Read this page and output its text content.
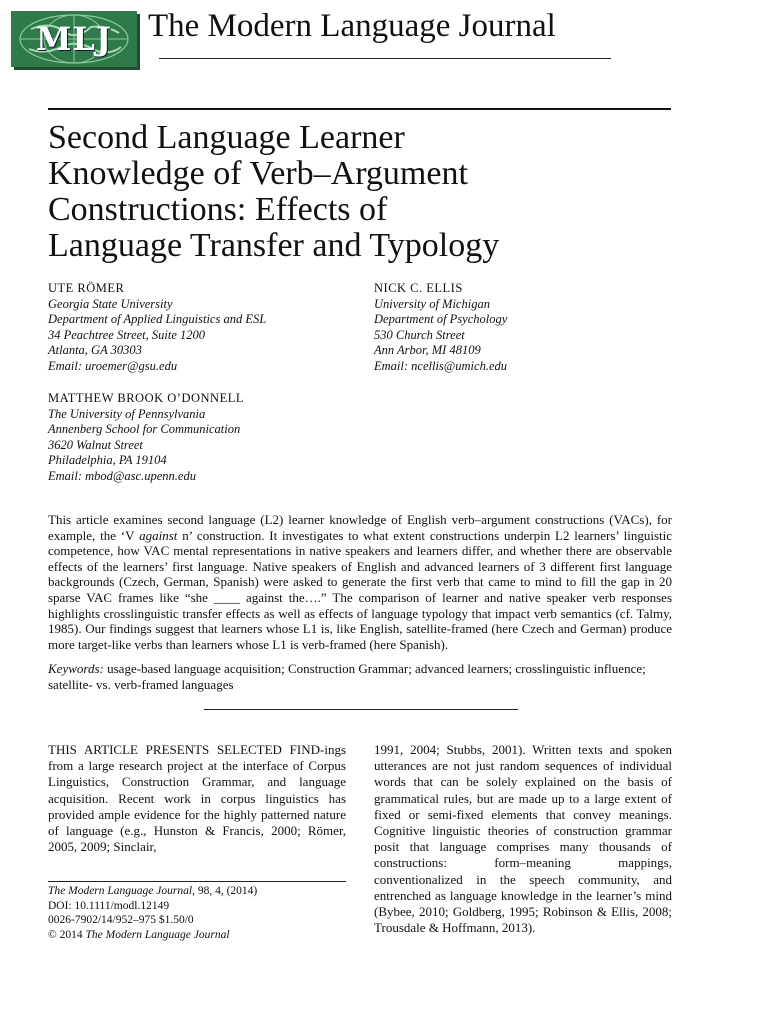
MLJ	The Modern Language Journal
Second Language Learner
Knowledge of Verb–Argument
Constructions: Effects of
Language Transfer and Typology
UTE RÖMER
Georgia State University
Department of Applied Linguistics and ESL
34 Peachtree Street, Suite 1200
Atlanta, GA 30303
Email: uroemer@gsu.edu
NICK C. ELLIS
University of Michigan
Department of Psychology
530 Church Street
Ann Arbor, MI 48109
Email: ncellis@umich.edu
MATTHEW BROOK O’DONNELL
The University of Pennsylvania
Annenberg School for Communication
3620 Walnut Street
Philadelphia, PA 19104
Email: mbod@asc.upenn.edu

This article examines second language (L2) learner knowledge of English verb–argument constructions (VACs), for example, the ‘V against n’ construction. It investigates to what extent constructions underpin L2 learners’ linguistic competence, how VAC mental representations in native speakers and learners differ, and whether there are observable effects of the learners’ first language. Native speakers of English and advanced learners of 3 different first language backgrounds (Czech, German, Spanish) were asked to generate the first verb that came to mind to fill the gap in 20 sparse VAC frames like “she ____ against the….” The comparison of learner and native speaker verb responses highlights crosslinguistic transfer effects as well as effects of language typology that impact verb semantics (cf. Talmy, 1985). Our findings suggest that learners whose L1 is, like English, satellite-framed (here Czech and German) produce more target-like verbs than learners whose L1 is verb-framed (here Spanish).

Keywords: usage-based language acquisition; Construction Grammar; advanced learners; crosslinguistic influence; satellite- vs. verb-framed languages

THIS ARTICLE PRESENTS SELECTED FIND-ings from a large research project at the interface of Corpus Linguistics, Construction Grammar, and language acquisition. Recent work in corpus linguistics has provided ample evidence for the highly patterned nature of language (e.g., Hunston & Francis, 2000; Römer, 2005, 2009; Sinclair,

1991, 2004; Stubbs, 2001). Written texts and spoken utterances are not just random sequences of individual words that can be solely explained on the basis of grammatical rules, but are made up to a large extent of fixed or semi-fixed elements that convey meanings. Cognitive linguistic theories of construction grammar posit that language comprises many thousands of constructions: form–meaning mappings, conventionalized in the speech community, and entrenched as language knowledge in the learner’s mind (Bybee, 2010; Goldberg, 1995; Robinson & Ellis, 2008; Trousdale & Hoffmann, 2013).

The Modern Language Journal, 98, 4, (2014)
DOI: 10.1111/modl.12149
0026-7902/14/952–975 $1.50/0
© 2014 The Modern Language Journal
